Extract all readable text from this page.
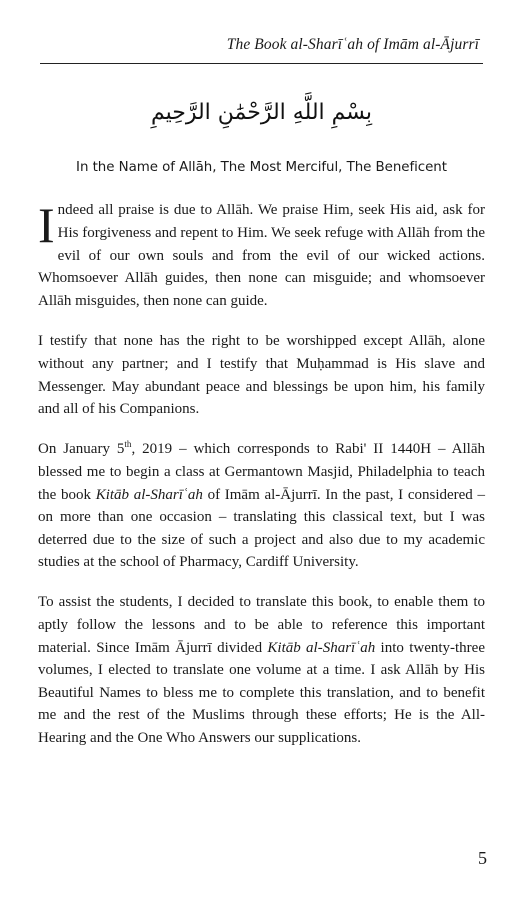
The Book al-Sharīʿah of Imām al-Ājurrī
بِسْمِ اللَّهِ الرَّحْمَٰنِ الرَّحِيمِ
In the Name of Allāh, The Most Merciful, The Beneficent

Indeed all praise is due to Allāh. We praise Him, seek His aid, ask for His forgiveness and repent to Him. We seek refuge with Allāh from the evil of our own souls and from the evil of our wicked actions. Whomsoever Allāh guides, then none can misguide; and whomsoever Allāh misguides, then none can guide.

I testify that none has the right to be worshipped except Allāh, alone without any partner; and I testify that Muḥammad is His slave and Messenger. May abundant peace and blessings be upon him, his family and all of his Companions.

On January 5th, 2019 – which corresponds to Rabi' II 1440H – Allāh blessed me to begin a class at Germantown Masjid, Philadelphia to teach the book Kitāb al-Sharīʿah of Imām al-Ājurrī. In the past, I considered – on more than one occasion – translating this classical text, but I was deterred due to the size of such a project and also due to my academic studies at the school of Pharmacy, Cardiff University.

To assist the students, I decided to translate this book, to enable them to aptly follow the lessons and to be able to reference this important material. Since Imām Ājurrī divided Kitāb al-Sharīʿah into twenty-three volumes, I elected to translate one volume at a time. I ask Allāh by His Beautiful Names to bless me to complete this translation, and to benefit me and the rest of the Muslims through these efforts; He is the All-Hearing and the One Who Answers our supplications.

5
